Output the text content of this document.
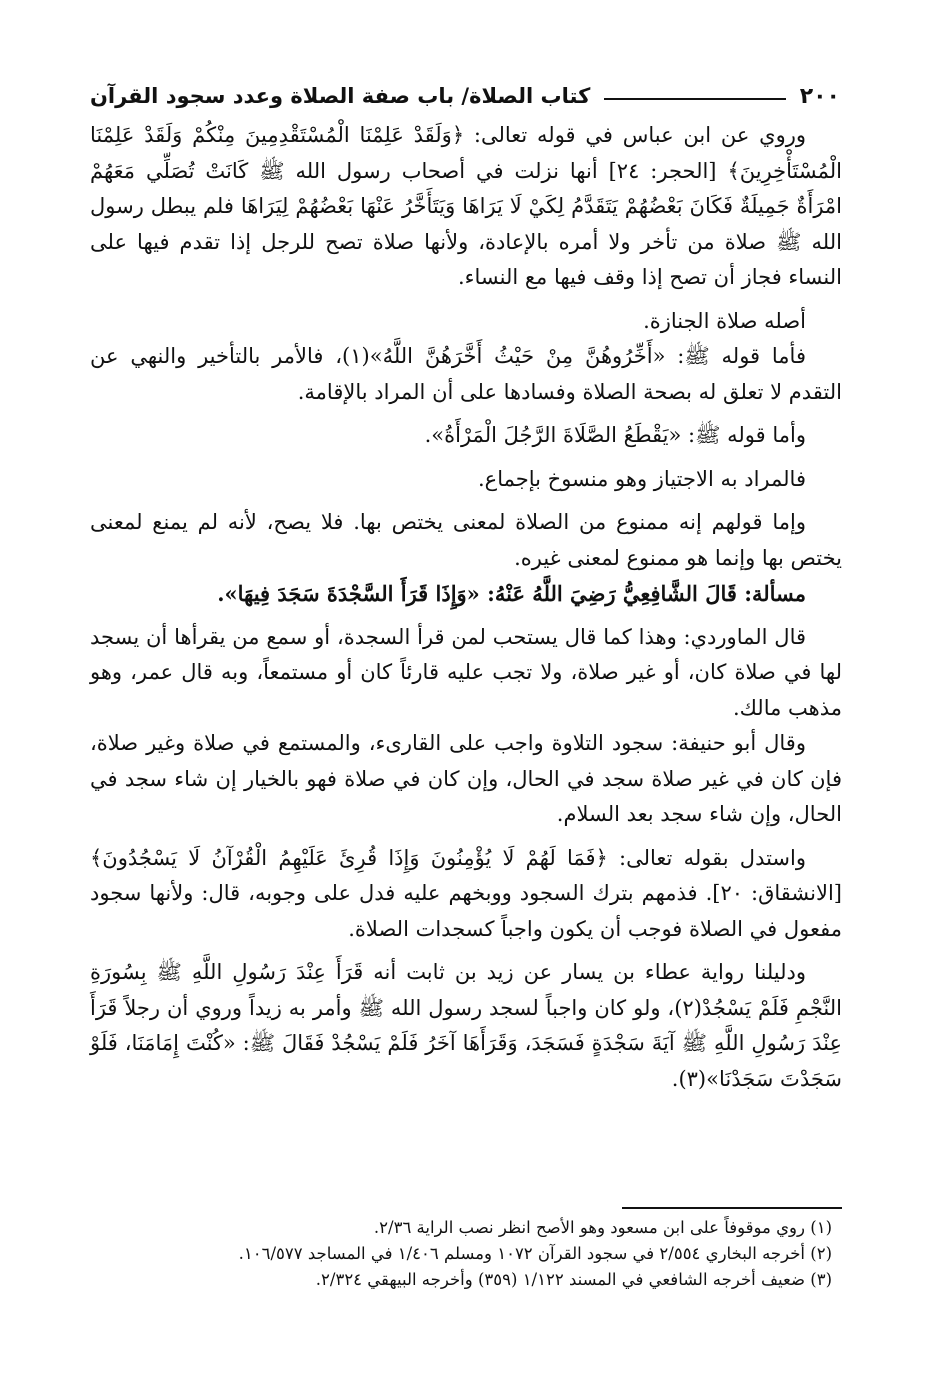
٢٠٠
كتاب الصلاة/ باب صفة الصلاة وعدد سجود القرآن

وروي عن ابن عباس في قوله تعالى: ﴿وَلَقَدْ عَلِمْنَا الْمُسْتَقْدِمِينَ مِنْكُمْ وَلَقَدْ عَلِمْنَا الْمُسْتَأْخِرِينَ﴾ [الحجر: ٢٤] أنها نزلت في أصحاب رسول الله ﷺ كَانَتْ تُصَلِّي مَعَهُمْ امْرَأَةٌ جَمِيلَةٌ فَكَانَ بَعْضُهُمْ يَتَقَدَّمُ لِكَيْ لَا يَرَاهَا وَيَتَأَخَّرُ عَنْهَا بَعْضُهُمْ لِيَرَاهَا فلم يبطل رسول الله ﷺ صلاة من تأخر ولا أمره بالإعادة، ولأنها صلاة تصح للرجل إذا تقدم فيها على النساء فجاز أن تصح إذا وقف فيها مع النساء.

أصله صلاة الجنازة.

فأما قوله ﷺ: «أَخِّرُوهُنَّ مِنْ حَيْثُ أَخَّرَهُنَّ اللَّهُ»(١)، فالأمر بالتأخير والنهي عن التقدم لا تعلق له بصحة الصلاة وفسادها على أن المراد بالإقامة.

وأما قوله ﷺ: «يَقْطَعُ الصَّلَاةَ الرَّجُلَ الْمَرْأَةُ».

فالمراد به الاجتياز وهو منسوخ بإجماع.

وإما قولهم إنه ممنوع من الصلاة لمعنى يختص بها. فلا يصح، لأنه لم يمنع لمعنى يختص بها وإنما هو ممنوع لمعنى غيره.

مسألة: قَالَ الشَّافِعِيُّ رَضِيَ اللَّهُ عَنْهُ: «وَإِذَا قَرَأَ السَّجْدَةَ سَجَدَ فِيهَا».

قال الماوردي: وهذا كما قال يستحب لمن قرأ السجدة، أو سمع من يقرأها أن يسجد لها في صلاة كان، أو غير صلاة، ولا تجب عليه قارئاً كان أو مستمعاً، وبه قال عمر، وهو مذهب مالك.

وقال أبو حنيفة: سجود التلاوة واجب على القارىء، والمستمع في صلاة وغير صلاة، فإن كان في غير صلاة سجد في الحال، وإن كان في صلاة فهو بالخيار إن شاء سجد في الحال، وإن شاء سجد بعد السلام.

واستدل بقوله تعالى: ﴿فَمَا لَهُمْ لَا يُؤْمِنُونَ وَإِذَا قُرِئَ عَلَيْهِمُ الْقُرْآنُ لَا يَسْجُدُونَ﴾ [الانشقاق: ٢٠]. فذمهم بترك السجود ووبخهم عليه فدل على وجوبه، قال: ولأنها سجود مفعول في الصلاة فوجب أن يكون واجباً كسجدات الصلاة.

ودليلنا رواية عطاء بن يسار عن زيد بن ثابت أنه قَرَأَ عِنْدَ رَسُولِ اللَّهِ ﷺ بِسُورَةِ النَّجْمِ فَلَمْ يَسْجُدْ(٢)، ولو كان واجباً لسجد رسول الله ﷺ وأمر به زيداً وروي أن رجلاً قَرَأَ عِنْدَ رَسُولِ اللَّهِ ﷺ آيَةَ سَجْدَةٍ فَسَجَدَ، وَقَرَأَهَا آخَرُ فَلَمْ يَسْجُدْ فَقَالَ ﷺ: «كُنْتَ إِمَامَنَا، فَلَوْ سَجَدْتَ سَجَدْنَا»(٣).

(١) روي موقوفاً على ابن مسعود وهو الأصح انظر نصب الراية ٢/٣٦.

(٢) أخرجه البخاري ٢/٥٥٤ في سجود القرآن ١٠٧٢ ومسلم ١/٤٠٦ في المساجد ١٠٦/٥٧٧.

(٣) ضعيف أخرجه الشافعي في المسند ١/١٢٢ (٣٥٩) وأخرجه البيهقي ٢/٣٢٤.
